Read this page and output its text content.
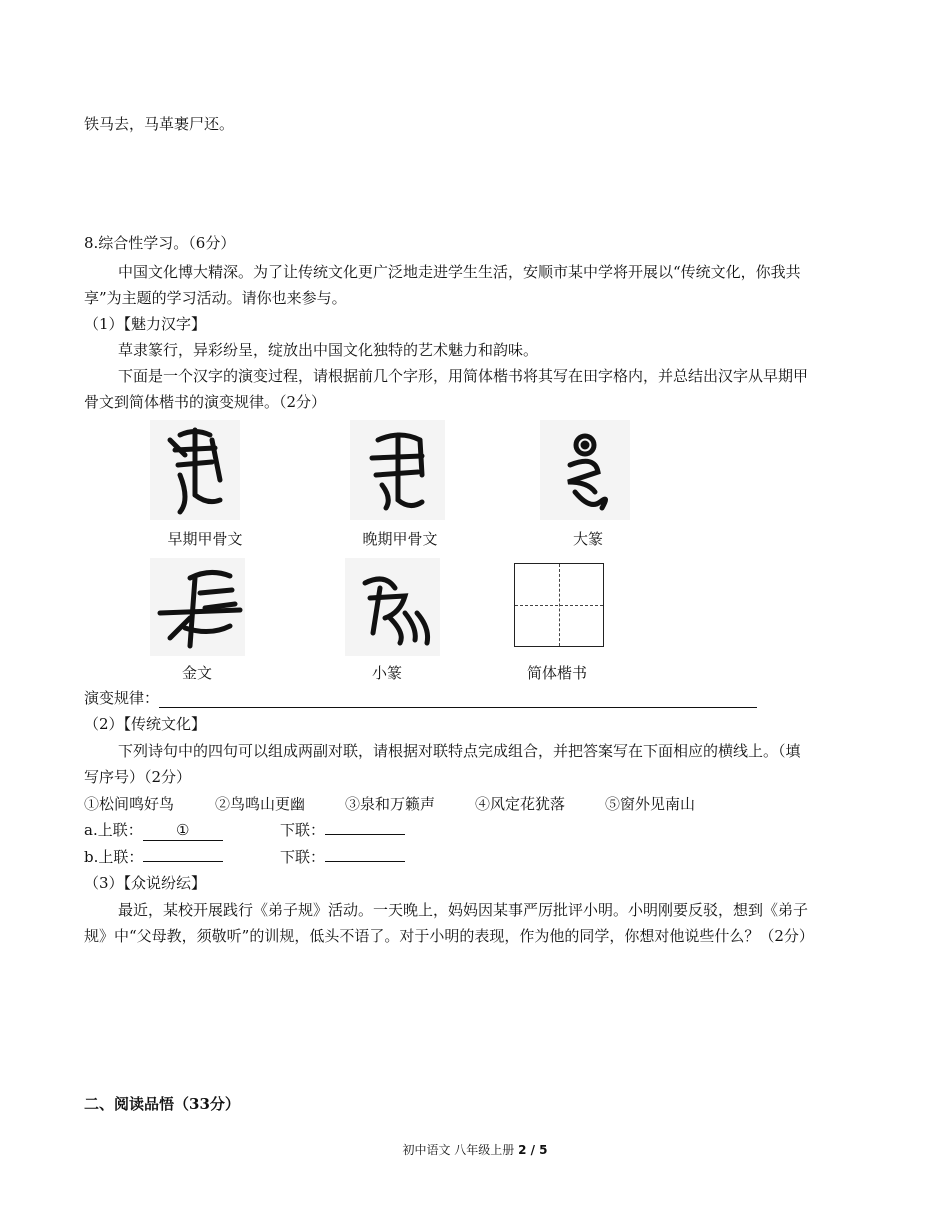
铁马去，马革裹尸还。
8.综合性学习。（6分）
中国文化博大精深。为了让传统文化更广泛地走进学生生活，安顺市某中学将开展以“传统文化，你我共
享”为主题的学习活动。请你也来参与。
（1）【魅力汉字】
草隶篆行，异彩纷呈，绽放出中国文化独特的艺术魅力和韵味。
下面是一个汉字的演变过程，请根据前几个字形，用简体楷书将其写在田字格内，并总结出汉字从早期甲
骨文到简体楷书的演变规律。（2分）
早期甲骨文	晚期甲骨文	大篆
金文	小篆	简体楷书
演变规律：
（2）【传统文化】
下列诗句中的四句可以组成两副对联，请根据对联特点完成组合，并把答案写在下面相应的横线上。（填
写序号）（2分）
①松间鸣好鸟	②鸟鸣山更幽	③泉和万籁声	④风定花犹落	⑤窗外见南山
a.上联： ①	下联：
b.上联：	下联：
（3）【众说纷纭】
最近，某校开展践行《弟子规》活动。一天晚上，妈妈因某事严厉批评小明。小明刚要反驳，想到《弟子
规》中“父母教，须敬听”的训规，低头不语了。对于小明的表现，作为他的同学，你想对他说些什么？（2分）
二、阅读品悟（33分）
初中语文 八年级上册 2 / 5
